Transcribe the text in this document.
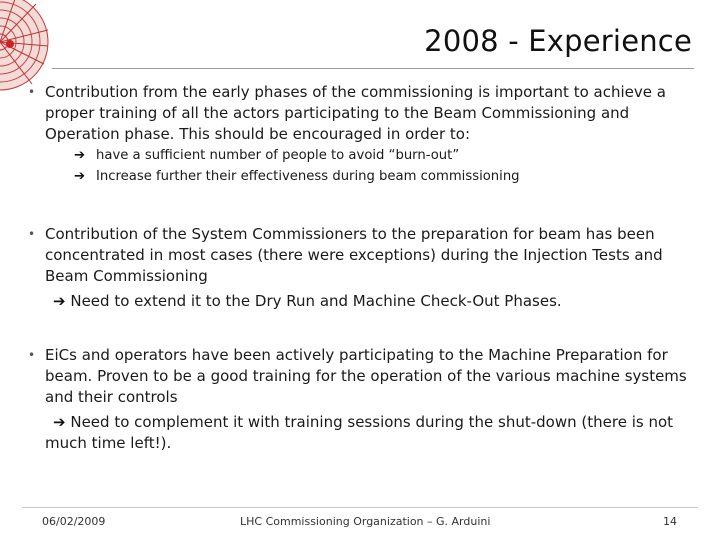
2008 - Experience
• Contribution from the early phases of the commissioning is important to achieve a proper training of all the actors participating to the Beam Commissioning and Operation phase. This should be encouraged in order to:
➔ have a sufficient number of people to avoid “burn-out”
➔ Increase further their effectiveness during beam commissioning
• Contribution of the System Commissioners to the preparation for beam has been concentrated in most cases (there were exceptions) during the Injection Tests and Beam Commissioning
➔ Need to extend it to the Dry Run and Machine Check-Out Phases.
• EiCs and operators have been actively participating to the Machine Preparation for beam. Proven to be a good training for the operation of the various machine systems and their controls
➔ Need to complement it with training sessions during the shut-down (there is not much time left!).
06/02/2009	LHC Commissioning Organization – G. Arduini	14
